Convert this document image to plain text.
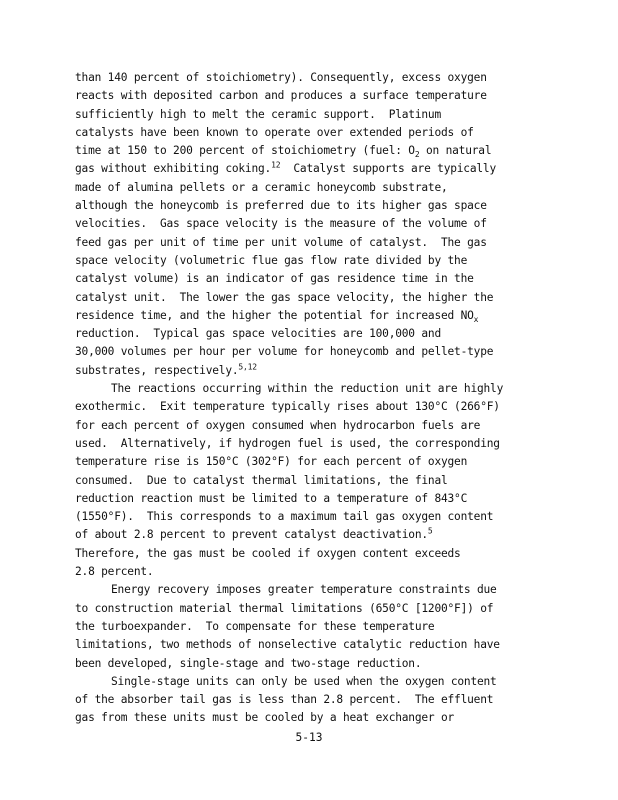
than 140 percent of stoichiometry). Consequently, excess oxygen
reacts with deposited carbon and produces a surface temperature
sufficiently high to melt the ceramic support.  Platinum
catalysts have been known to operate over extended periods of
time at 150 to 200 percent of stoichiometry (fuel: $O_2$ on natural
gas without exhibiting coking.$^{12}$  Catalyst supports are typically
made of alumina pellets or a ceramic honeycomb substrate,
although the honeycomb is preferred due to its higher gas space
velocities.  Gas space velocity is the measure of the volume of
feed gas per unit of time per unit volume of catalyst.  The gas
space velocity (volumetric flue gas flow rate divided by the
catalyst volume) is an indicator of gas residence time in the
catalyst unit.  The lower the gas space velocity, the higher the
residence time, and the higher the potential for increased $NO_x$
reduction.  Typical gas space velocities are 100,000 and
30,000 volumes per hour per volume for honeycomb and pellet-type
substrates, respectively.$^{5,12}$
The reactions occurring within the reduction unit are highly
exothermic.  Exit temperature typically rises about 130°C (266°F)
for each percent of oxygen consumed when hydrocarbon fuels are
used.  Alternatively, if hydrogen fuel is used, the corresponding
temperature rise is 150°C (302°F) for each percent of oxygen
consumed.  Due to catalyst thermal limitations, the final
reduction reaction must be limited to a temperature of 843°C
(1550°F).  This corresponds to a maximum tail gas oxygen content
of about 2.8 percent to prevent catalyst deactivation.$^5$
Therefore, the gas must be cooled if oxygen content exceeds
2.8 percent.
Energy recovery imposes greater temperature constraints due
to construction material thermal limitations (650°C [1200°F]) of
the turboexpander.  To compensate for these temperature
limitations, two methods of nonselective catalytic reduction have
been developed, single-stage and two-stage reduction.
Single-stage units can only be used when the oxygen content
of the absorber tail gas is less than 2.8 percent.  The effluent
gas from these units must be cooled by a heat exchanger or
5-13
